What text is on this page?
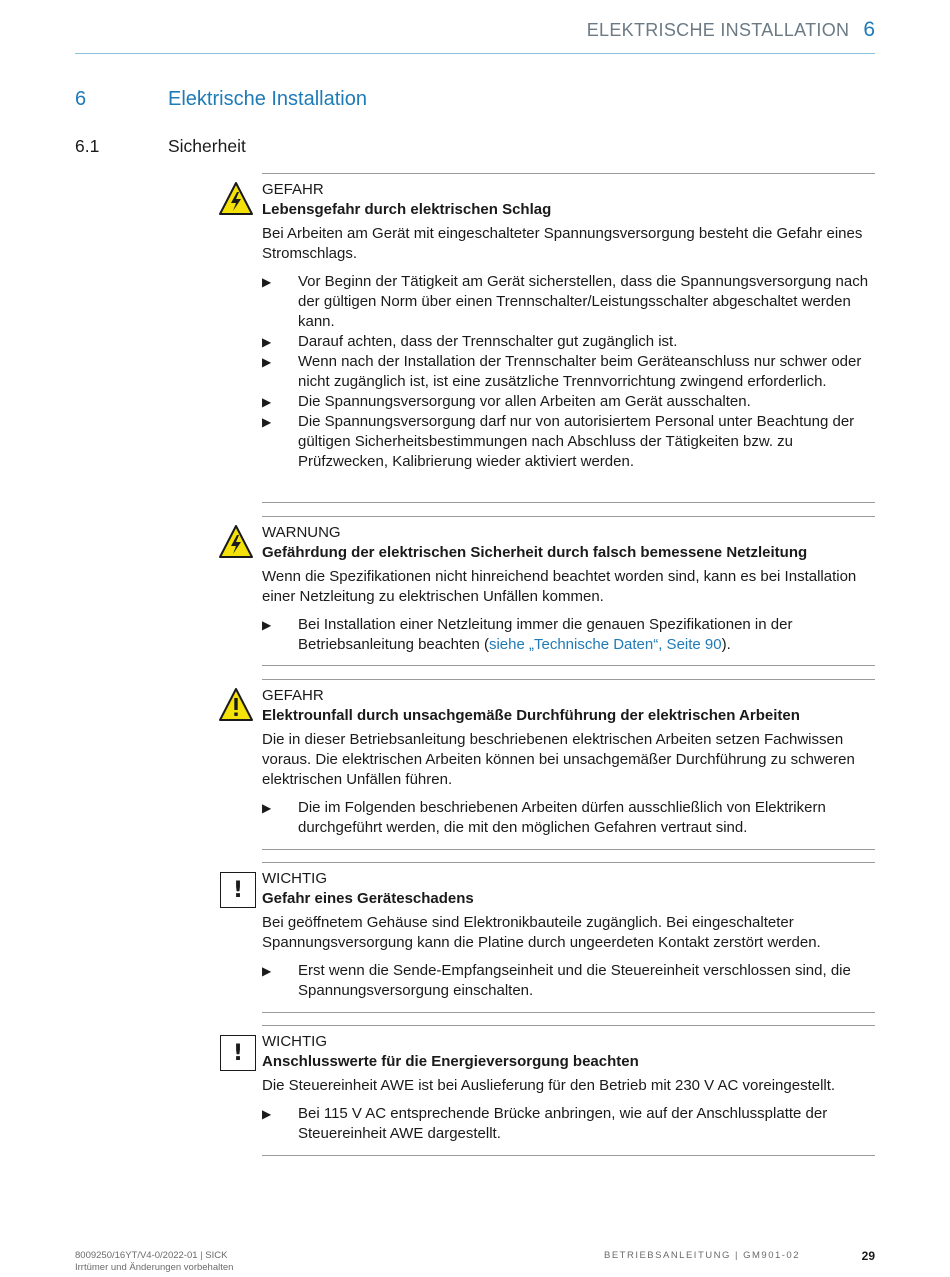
ELEKTRISCHE INSTALLATION 6
6	Elektrische Installation
6.1	Sicherheit
GEFAHR
Lebensgefahr durch elektrischen Schlag
Bei Arbeiten am Gerät mit eingeschalteter Spannungsversorgung besteht die Gefahr eines Stromschlags.
▶ Vor Beginn der Tätigkeit am Gerät sicherstellen, dass die Spannungsversorgung nach der gültigen Norm über einen Trennschalter/Leistungsschalter abgeschaltet werden kann.
▶ Darauf achten, dass der Trennschalter gut zugänglich ist.
▶ Wenn nach der Installation der Trennschalter beim Geräteanschluss nur schwer oder nicht zugänglich ist, ist eine zusätzliche Trennvorrichtung zwingend erforderlich.
▶ Die Spannungsversorgung vor allen Arbeiten am Gerät ausschalten.
▶ Die Spannungsversorgung darf nur von autorisiertem Personal unter Beachtung der gültigen Sicherheitsbestimmungen nach Abschluss der Tätigkeiten bzw. zu Prüfzwecken, Kalibrierung wieder aktiviert werden.
WARNUNG
Gefährdung der elektrischen Sicherheit durch falsch bemessene Netzleitung
Wenn die Spezifikationen nicht hinreichend beachtet worden sind, kann es bei Installation einer Netzleitung zu elektrischen Unfällen kommen.
▶ Bei Installation einer Netzleitung immer die genauen Spezifikationen in der Betriebsanleitung beachten (siehe „Technische Daten“, Seite 90).
GEFAHR
Elektrounfall durch unsachgemäße Durchführung der elektrischen Arbeiten
Die in dieser Betriebsanleitung beschriebenen elektrischen Arbeiten setzen Fachwissen voraus. Die elektrischen Arbeiten können bei unsachgemäßer Durchführung zu schweren elektrischen Unfällen führen.
▶ Die im Folgenden beschriebenen Arbeiten dürfen ausschließlich von Elektrikern durchgeführt werden, die mit den möglichen Gefahren vertraut sind.
!	WICHTIG
Gefahr eines Geräteschadens
Bei geöffnetem Gehäuse sind Elektronikbauteile zugänglich. Bei eingeschalteter Spannungsversorgung kann die Platine durch ungeerdeten Kontakt zerstört werden.
▶ Erst wenn die Sende-Empfangseinheit und die Steuereinheit verschlossen sind, die Spannungsversorgung einschalten.
!	WICHTIG
Anschlusswerte für die Energieversorgung beachten
Die Steuereinheit AWE ist bei Auslieferung für den Betrieb mit 230 V AC voreingestellt.
▶ Bei 115 V AC entsprechende Brücke anbringen, wie auf der Anschlussplatte der Steuereinheit AWE dargestellt.
8009250/16YT/V4-0/2022-01 | SICK
Irrtümer und Änderungen vorbehalten
BETRIEBSANLEITUNG | GM901-02	29
